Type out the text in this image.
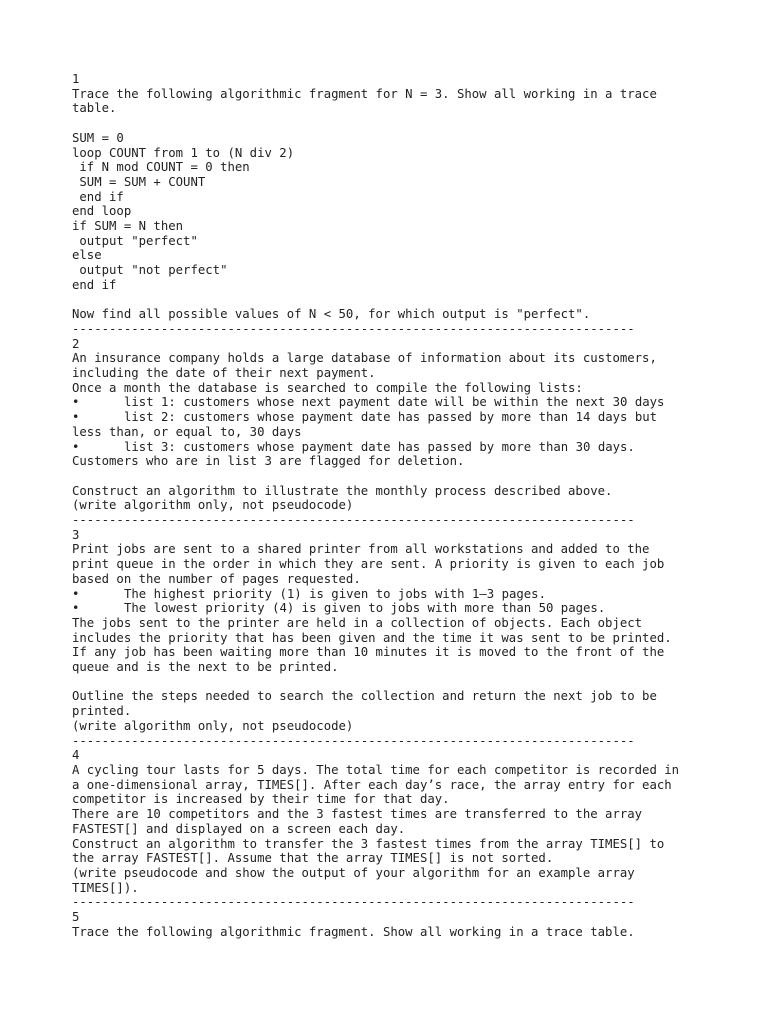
1
Trace the following algorithmic fragment for N = 3. Show all working in a trace
table.
SUM = 0
loop COUNT from 1 to (N div 2)
if N mod COUNT = 0 then
SUM = SUM + COUNT
end if
end loop
if SUM = N then
output "perfect"
else
output "not perfect"
end if
Now find all possible values of N < 50, for which output is "perfect".
----------------------------------------------------------------------------
2
An insurance company holds a large database of information about its customers,
including the date of their next payment.
Once a month the database is searched to compile the following lists:
•	list 1: customers whose next payment date will be within the next 30 days
•	list 2: customers whose payment date has passed by more than 14 days but
less than, or equal to, 30 days
•	list 3: customers whose payment date has passed by more than 30 days.
Customers who are in list 3 are flagged for deletion.
Construct an algorithm to illustrate the monthly process described above.
(write algorithm only, not pseudocode)
----------------------------------------------------------------------------
3
Print jobs are sent to a shared printer from all workstations and added to the
print queue in the order in which they are sent. A priority is given to each job
based on the number of pages requested.
•	The highest priority (1) is given to jobs with 1–3 pages.
•	The lowest priority (4) is given to jobs with more than 50 pages.
The jobs sent to the printer are held in a collection of objects. Each object
includes the priority that has been given and the time it was sent to be printed.
If any job has been waiting more than 10 minutes it is moved to the front of the
queue and is the next to be printed.
Outline the steps needed to search the collection and return the next job to be
printed.
(write algorithm only, not pseudocode)
----------------------------------------------------------------------------
4
A cycling tour lasts for 5 days. The total time for each competitor is recorded in
a one-dimensional array, TIMES[]. After each day’s race, the array entry for each
competitor is increased by their time for that day.
There are 10 competitors and the 3 fastest times are transferred to the array
FASTEST[] and displayed on a screen each day.
Construct an algorithm to transfer the 3 fastest times from the array TIMES[] to
the array FASTEST[]. Assume that the array TIMES[] is not sorted.
(write pseudocode and show the output of your algorithm for an example array
TIMES[]).
----------------------------------------------------------------------------
5
Trace the following algorithmic fragment. Show all working in a trace table.
